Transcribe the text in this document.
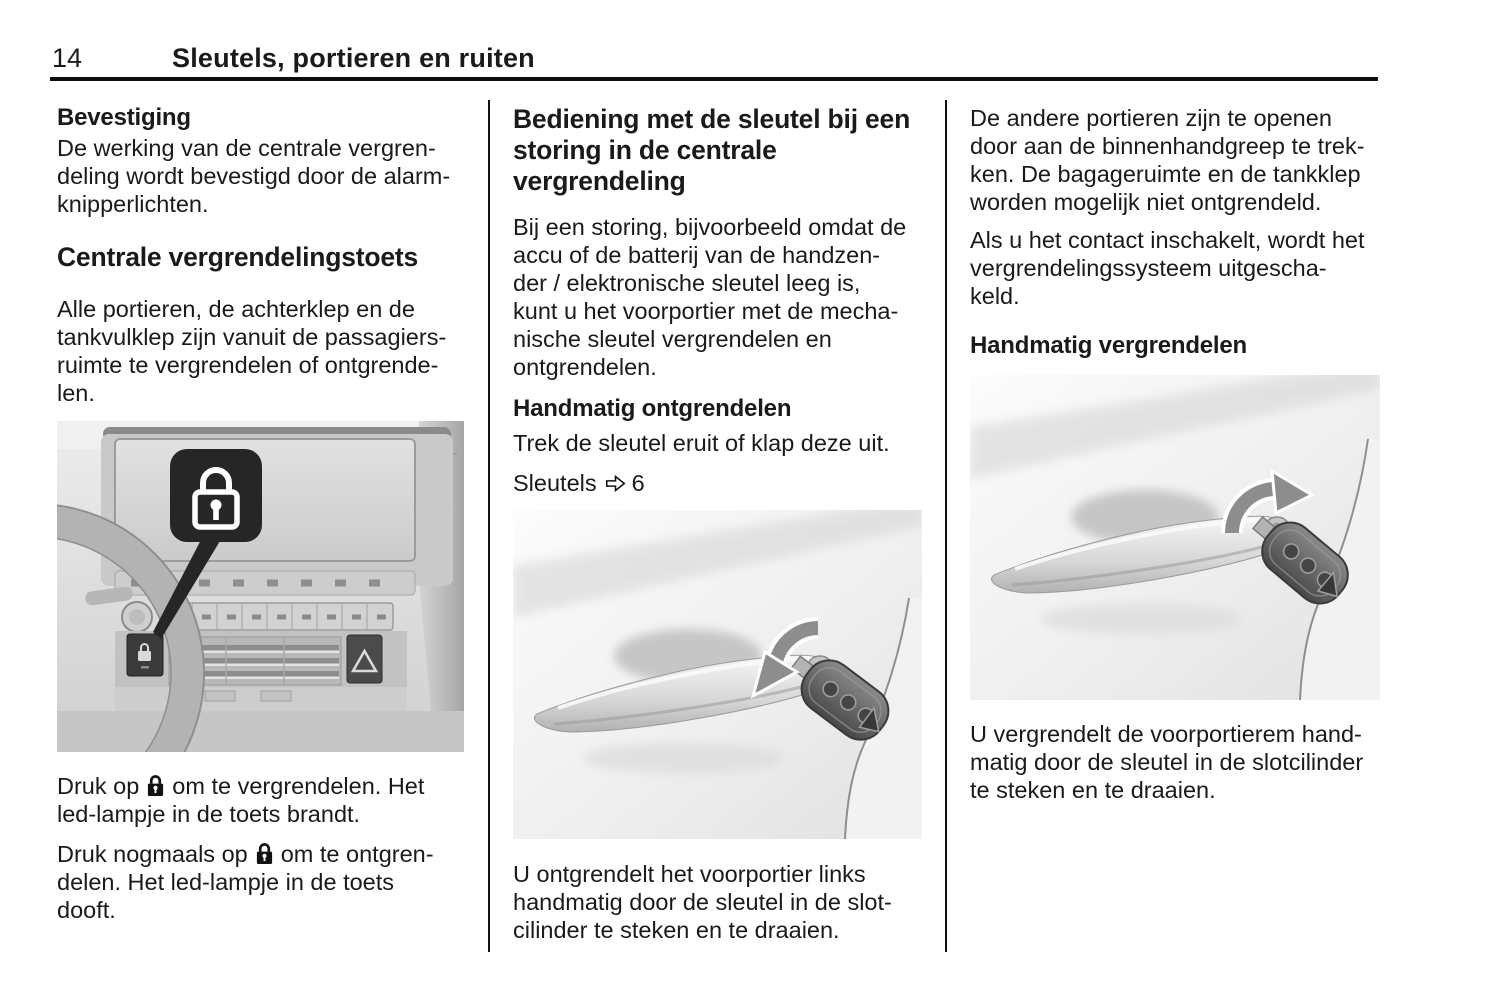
14	Sleutels, portieren en ruiten
Bevestiging
De werking van de centrale vergren-
deling wordt bevestigd door de alarm-
knipperlichten.
Centrale vergrendelingstoets
Alle portieren, de achterklep en de
tankvulklep zijn vanuit de passagiers-
ruimte te vergrendelen of ontgrende-
len.
Druk op om te vergrendelen. Het
led-lampje in de toets brandt.
Druk nogmaals op om te ontgren-
delen. Het led-lampje in de toets
dooft.
Bediening met de sleutel bij een
storing in de centrale
vergrendeling
Bij een storing, bijvoorbeeld omdat de
accu of de batterij van de handzen-
der / elektronische sleutel leeg is,
kunt u het voorportier met de mecha-
nische sleutel vergrendelen en
ontgrendelen.
Handmatig ontgrendelen
Trek de sleutel eruit of klap deze uit.
Sleutels 6
U ontgrendelt het voorportier links
handmatig door de sleutel in de slot-
cilinder te steken en te draaien.
De andere portieren zijn te openen
door aan de binnenhandgreep te trek-
ken. De bagageruimte en de tankklep
worden mogelijk niet ontgrendeld.
Als u het contact inschakelt, wordt het
vergrendelingssysteem uitgescha-
keld.
Handmatig vergrendelen
U vergrendelt de voorportierem hand-
matig door de sleutel in de slotcilinder
te steken en te draaien.
